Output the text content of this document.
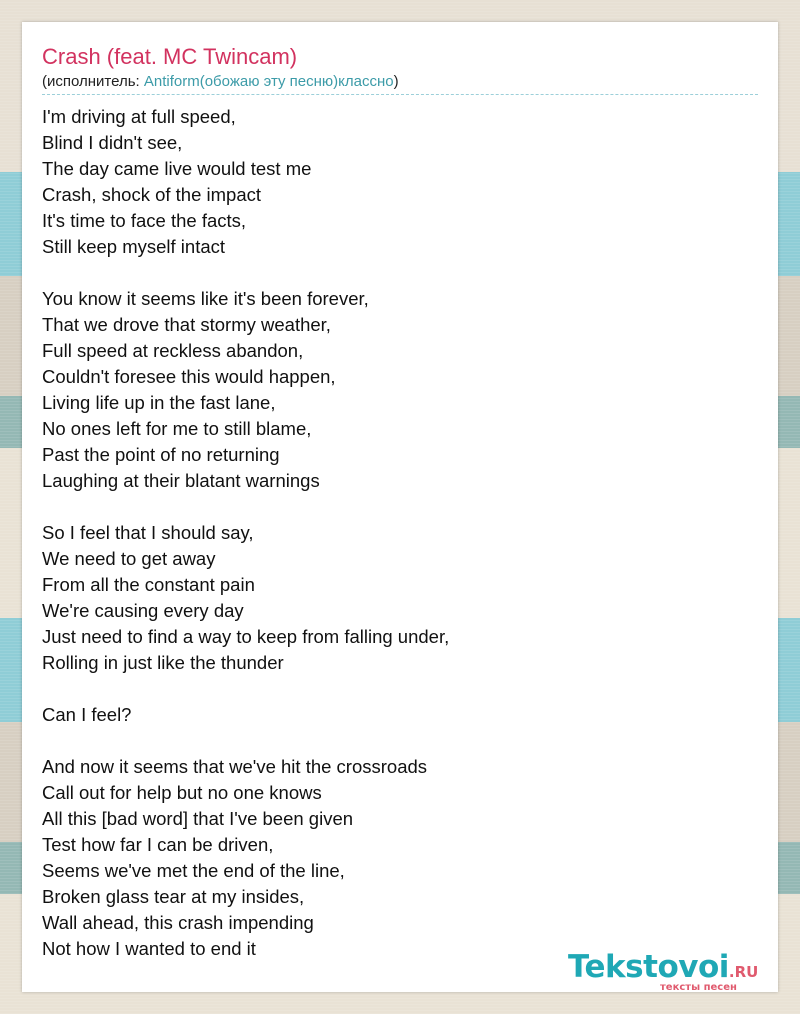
Crash (feat. MC Twincam)
(исполнитель: Antiform(обожаю эту песню)классно)
I'm driving at full speed,
Blind I didn't see,
The day came live would test me
Crash, shock of the impact
It's time to face the facts,
Still keep myself intact
You know it seems like it's been forever,
That we drove that stormy weather,
Full speed at reckless abandon,
Couldn't foresee this would happen,
Living life up in the fast lane,
No ones left for me to still blame,
Past the point of no returning
Laughing at their blatant warnings
So I feel that I should say,
We need to get away
From all the constant pain
We're causing every day
Just need to find a way to keep from falling under,
Rolling in just like the thunder
Can I feel?
And now it seems that we've hit the crossroads
Call out for help but no one knows
All this [bad word] that I've been given
Test how far I can be driven,
Seems we've met the end of the line,
Broken glass tear at my insides,
Wall ahead, this crash impending
Not how I wanted to end it
Tekstovoi.RU
тексты песен
